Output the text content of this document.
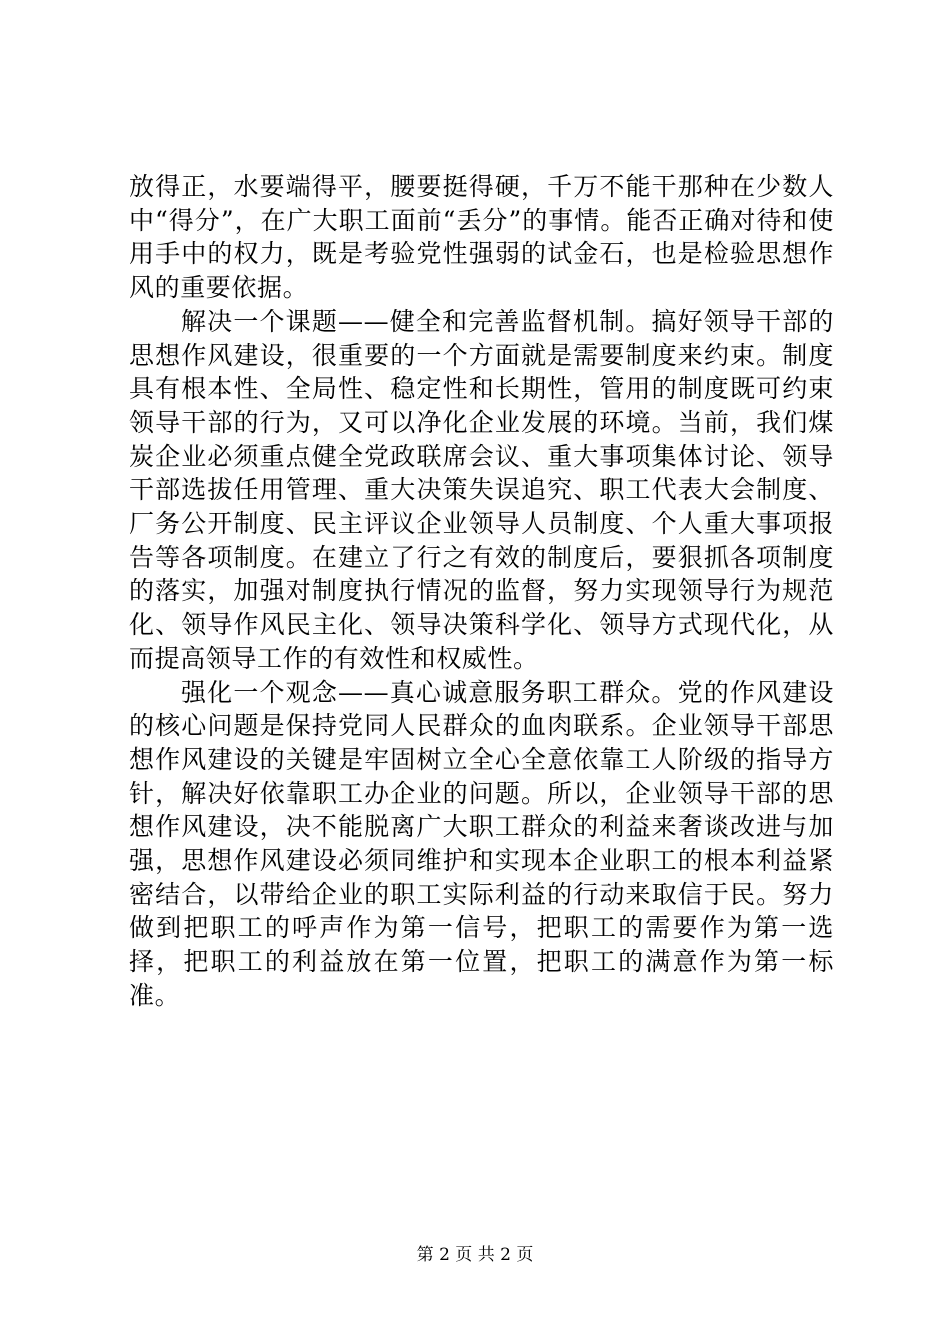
放得正，水要端得平，腰要挺得硬，千万不能干那种在少数人中“得分”，在广大职工面前“丢分”的事情。能否正确对待和使用手中的权力，既是考验党性强弱的试金石，也是检验思想作风的重要依据。

解决一个课题——健全和完善监督机制。搞好领导干部的思想作风建设，很重要的一个方面就是需要制度来约束。制度具有根本性、全局性、稳定性和长期性，管用的制度既可约束领导干部的行为，又可以净化企业发展的环境。当前，我们煤炭企业必须重点健全党政联席会议、重大事项集体讨论、领导干部选拔任用管理、重大决策失误追究、职工代表大会制度、厂务公开制度、民主评议企业领导人员制度、个人重大事项报告等各项制度。在建立了行之有效的制度后，要狠抓各项制度的落实，加强对制度执行情况的监督，努力实现领导行为规范化、领导作风民主化、领导决策科学化、领导方式现代化，从而提高领导工作的有效性和权威性。

强化一个观念——真心诚意服务职工群众。党的作风建设的核心问题是保持党同人民群众的血肉联系。企业领导干部思想作风建设的关键是牢固树立全心全意依靠工人阶级的指导方针，解决好依靠职工办企业的问题。所以，企业领导干部的思想作风建设，决不能脱离广大职工群众的利益来奢谈改进与加强，思想作风建设必须同维护和实现本企业职工的根本利益紧密结合，以带给企业的职工实际利益的行动来取信于民。努力做到把职工的呼声作为第一信号，把职工的需要作为第一选择，把职工的利益放在第一位置，把职工的满意作为第一标准。

第 2 页 共 2 页
